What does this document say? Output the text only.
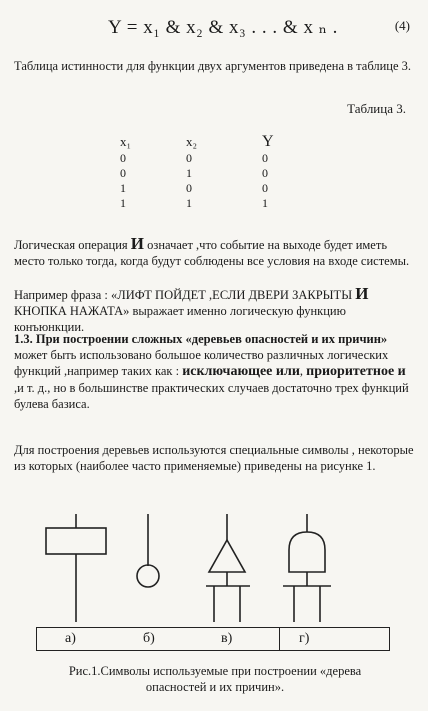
Y = x₁ & x₂ & x₃ . . . & x ₙ .	(4)
Таблица истинности для функции двух аргументов приведена в таблице 3.
Таблица 3.
x₁	x₂	Y
0	0	0
0	1	0
1	0	0
1	1	1
Логическая операция И означает ,что событие на выходе будет иметь место только тогда, когда будут соблюдены все условия на входе системы.
Например фраза : «ЛИФТ ПОЙДЕТ ,ЕСЛИ ДВЕРИ ЗАКРЫТЫ И КНОПКА НАЖАТА» выражает именно логическую функцию конъюнкции.
1.3. При построении сложных «деревьев опасностей и их причин» может быть использовано большое количество различных логических функций ,например таких как : исключающее или, приоритетное и ,и т. д., но в большинстве практических случаев достаточно трех функций булева базиса.
Для построения деревьев используются специальные символы , некоторые из которых (наиболее часто применяемые) приведены на рисунке 1.
а)	б)	в)	г)
Рис.1.Символы используемые при построении «дерева опасностей и их причин».
